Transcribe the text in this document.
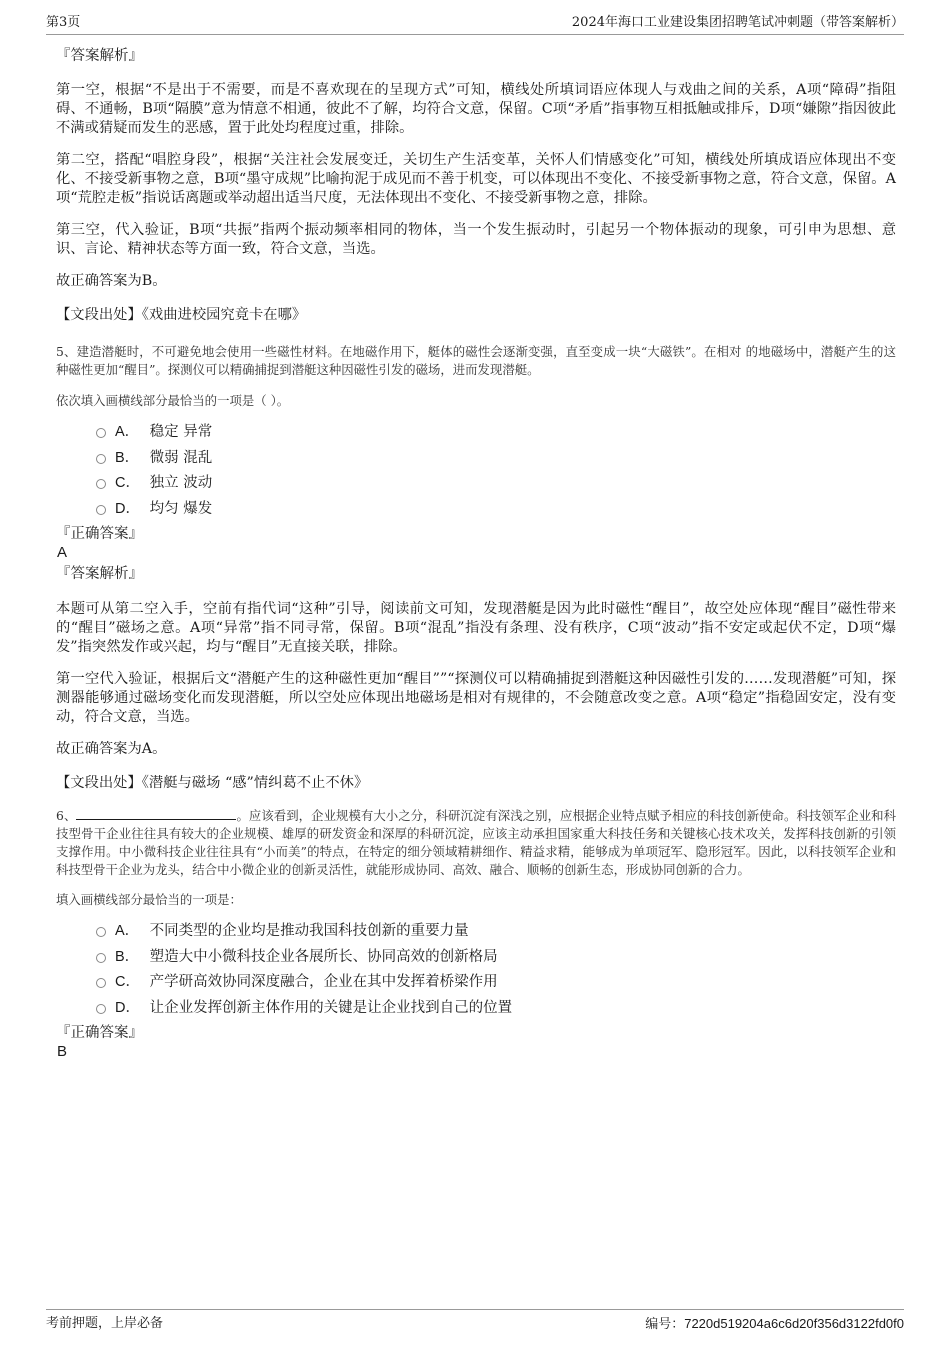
第3页	2024年海口工业建设集团招聘笔试冲刺题（带答案解析）

『答案解析』

第一空，根据“不是出于不需要，而是不喜欢现在的呈现方式”可知，横线处所填词语应体现人与戏曲之间的关系，A项“障碍”指阻碍、不通畅，B项“隔膜”意为情意不相通，彼此不了解，均符合文意，保留。C项“矛盾”指事物互相抵触或排斥，D项“嫌隙”指因彼此不满或猜疑而发生的恶感，置于此处均程度过重，排除。

第二空，搭配“唱腔身段”，根据“关注社会发展变迁，关切生产生活变革，关怀人们情感变化”可知，横线处所填成语应体现出不变化、不接受新事物之意，B项“墨守成规”比喻拘泥于成见而不善于机变，可以体现出不变化、不接受新事物之意，符合文意，保留。A项“荒腔走板”指说话离题或举动超出适当尺度，无法体现出不变化、不接受新事物之意，排除。

第三空，代入验证，B项“共振”指两个振动频率相同的物体，当一个发生振动时，引起另一个物体振动的现象，可引申为思想、意识、言论、精神状态等方面一致，符合文意，当选。

故正确答案为B。

【文段出处】《戏曲进校园究竟卡在哪》

5、建造潜艇时，不可避免地会使用一些磁性材料。在地磁作用下，艇体的磁性会逐渐变强，直至变成一块“大磁铁”。在相对 的地磁场中，潜艇产生的这种磁性更加“醒目”。探测仪可以精确捕捉到潜艇这种因磁性引发的磁场，进而发现潜艇。

依次填入画横线部分最恰当的一项是（ ）。

A． 稳定 异常
B． 微弱 混乱
C． 独立 波动
D． 均匀 爆发

『正确答案』

A

『答案解析』

本题可从第二空入手，空前有指代词“这种”引导，阅读前文可知，发现潜艇是因为此时磁性“醒目”，故空处应体现“醒目”磁性带来的“醒目”磁场之意。A项“异常”指不同寻常，保留。B项“混乱”指没有条理、没有秩序，C项“波动”指不安定或起伏不定，D项“爆发”指突然发作或兴起，均与“醒目”无直接关联，排除。

第一空代入验证，根据后文“潜艇产生的这种磁性更加“醒目””“探测仪可以精确捕捉到潜艇这种因磁性引发的……发现潜艇”可知，探测器能够通过磁场变化而发现潜艇，所以空处应体现出地磁场是相对有规律的，不会随意改变之意。A项“稳定”指稳固安定，没有变动，符合文意，当选。

故正确答案为A。

【文段出处】《潜艇与磁场 “感”情纠葛不止不休》

6、	。应该看到，企业规模有大小之分，科研沉淀有深浅之别，应根据企业特点赋予相应的科技创新使命。科技领军企业和科技型骨干企业往往具有较大的企业规模、雄厚的研发资金和深厚的科研沉淀，应该主动承担国家重大科技任务和关键核心技术攻关，发挥科技创新的引领支撑作用。中小微科技企业往往具有“小而美”的特点，在特定的细分领域精耕细作、精益求精，能够成为单项冠军、隐形冠军。因此，以科技领军企业和科技型骨干企业为龙头，结合中小微企业的创新灵活性，就能形成协同、高效、融合、顺畅的创新生态，形成协同创新的合力。

填入画横线部分最恰当的一项是：

A． 不同类型的企业均是推动我国科技创新的重要力量
B． 塑造大中小微科技企业各展所长、协同高效的创新格局
C． 产学研高效协同深度融合，企业在其中发挥着桥梁作用
D． 让企业发挥创新主体作用的关键是让企业找到自己的位置

『正确答案』

B

考前押题，上岸必备	编号：7220d519204a6c6d20f356d3122fd0f0
